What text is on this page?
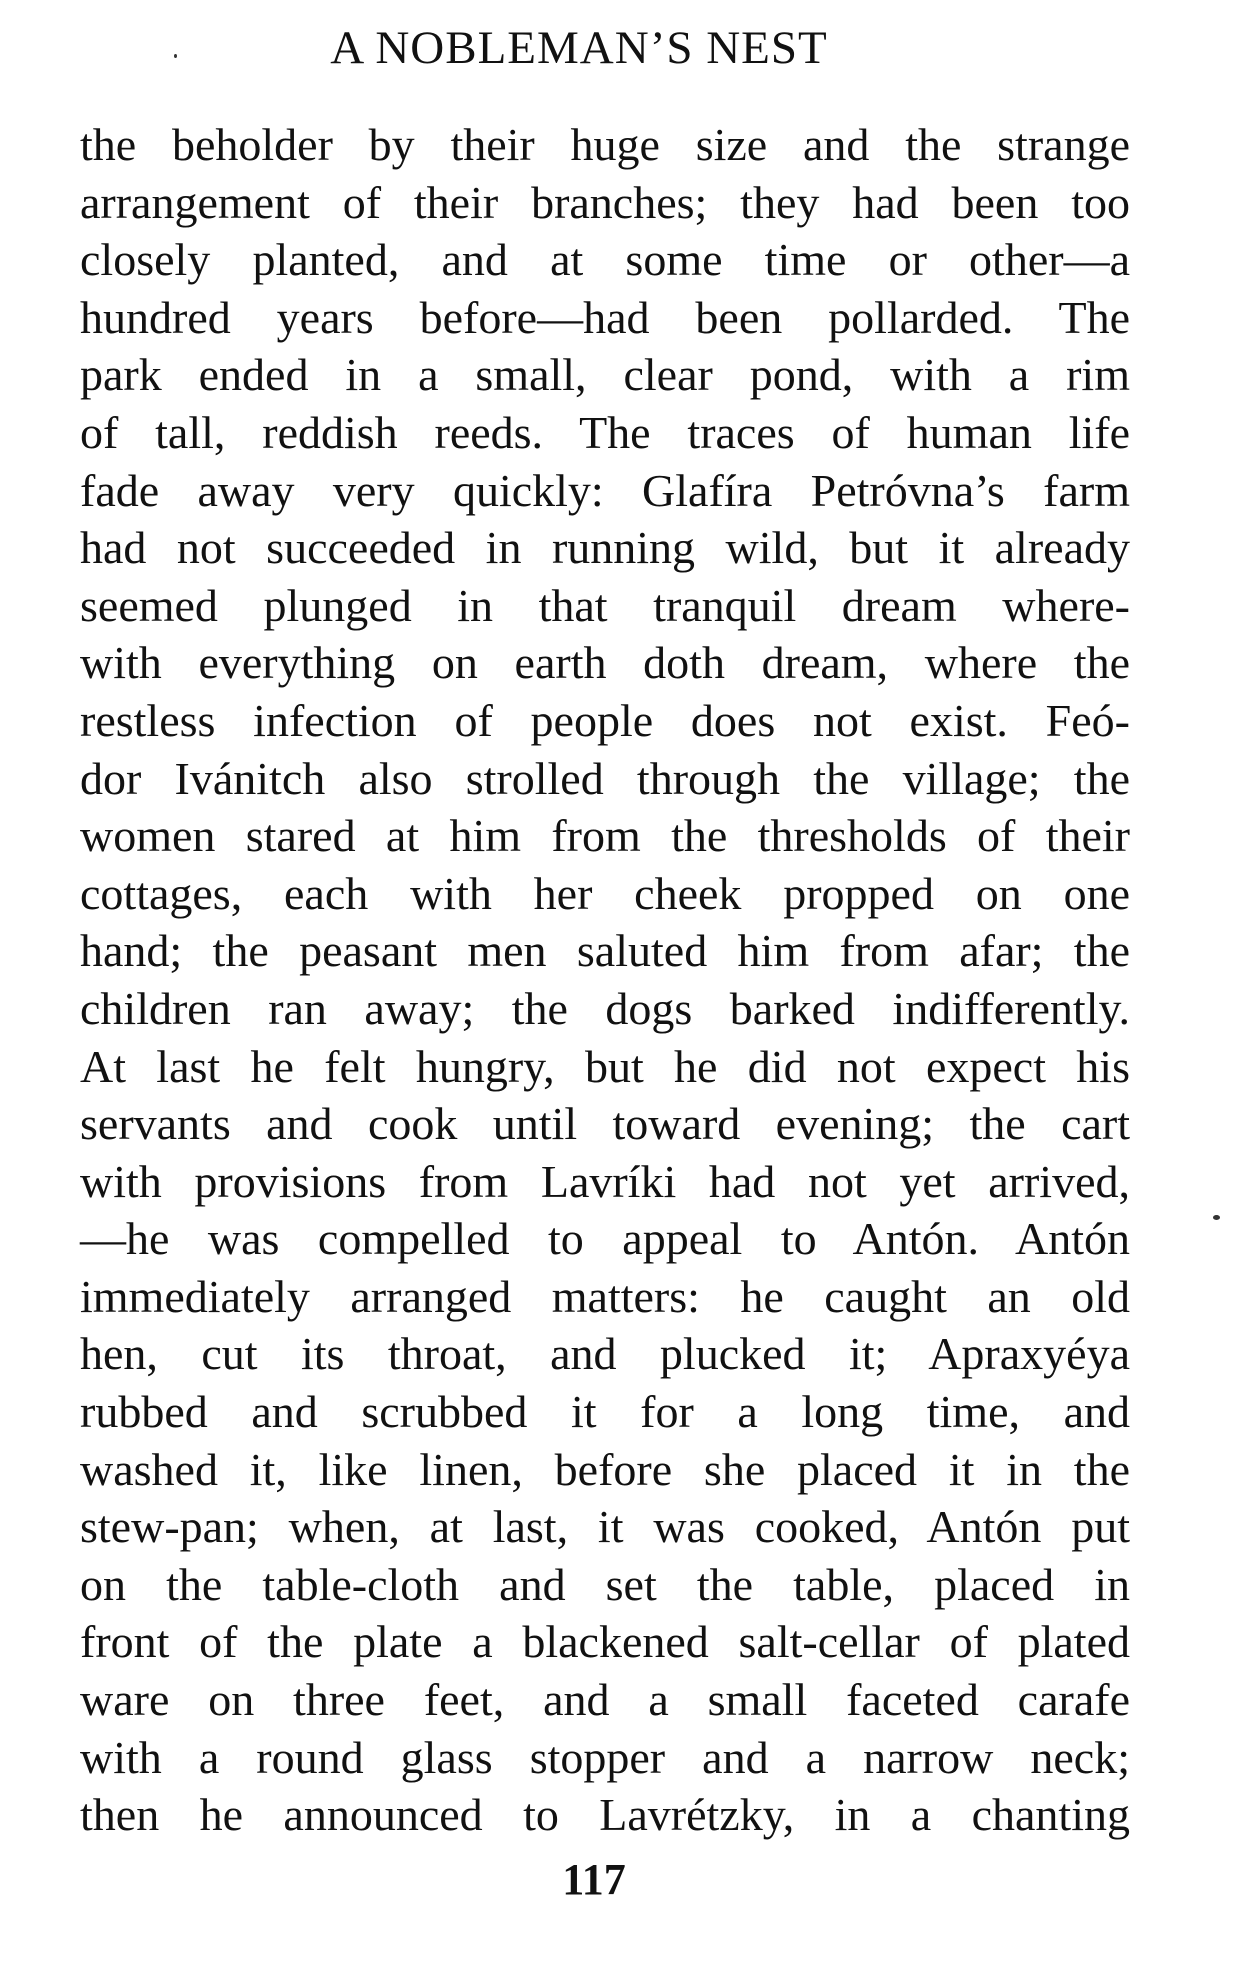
A NOBLEMAN’S NEST
the beholder by their huge size and the strange
arrangement of their branches; they had been too
closely planted, and at some time or other—a
hundred years before—had been pollarded. The
park ended in a small, clear pond, with a rim
of tall, reddish reeds. The traces of human life
fade away very quickly: Glafíra Petróvna’s farm
had not succeeded in running wild, but it already
seemed plunged in that tranquil dream where-
with everything on earth doth dream, where the
restless infection of people does not exist. Feó-
dor Ivánitch also strolled through the village; the
women stared at him from the thresholds of their
cottages, each with her cheek propped on one
hand; the peasant men saluted him from afar; the
children ran away; the dogs barked indifferently.
At last he felt hungry, but he did not expect his
servants and cook until toward evening; the cart
with provisions from Lavríki had not yet arrived,
—he was compelled to appeal to Antón. Antón
immediately arranged matters: he caught an old
hen, cut its throat, and plucked it; Apraxyéya
rubbed and scrubbed it for a long time, and
washed it, like linen, before she placed it in the
stew-pan; when, at last, it was cooked, Antón put
on the table-cloth and set the table, placed in
front of the plate a blackened salt-cellar of plated
ware on three feet, and a small faceted carafe
with a round glass stopper and a narrow neck;
then he announced to Lavrétzky, in a chanting
117
